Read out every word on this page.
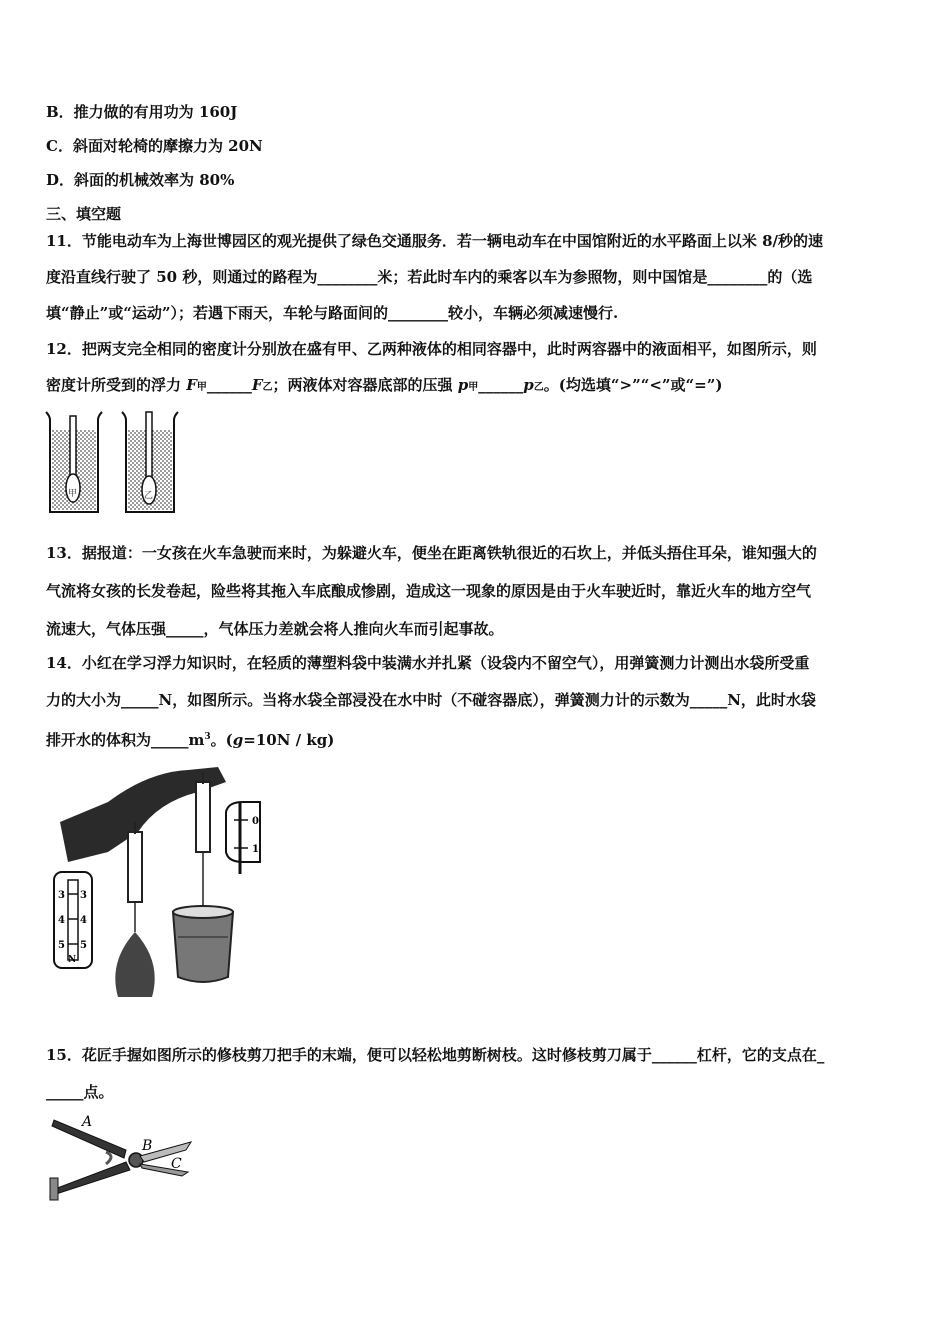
B．推力做的有用功为 160J
C．斜面对轮椅的摩擦力为 20N
D．斜面的机械效率为 80%
三、填空题
11．节能电动车为上海世博园区的观光提供了绿色交通服务．若一辆电动车在中国馆附近的水平路面上以米 8/秒的速
度沿直线行驶了 50 秒，则通过的路程为________米；若此时车内的乘客以车为参照物，则中国馆是________的（选
填“静止”或“运动”）；若遇下雨天，车轮与路面间的________较小，车辆必须减速慢行.
12．把两支完全相同的密度计分别放在盛有甲、乙两种液体的相同容器中，此时两容器中的液面相平，如图所示，则
密度计所受到的浮力 F甲______F乙；两液体对容器底部的压强 p甲______p乙。(均选填“>”“<”或“=”)
甲	乙
13．据报道：一女孩在火车急驶而来时，为躲避火车，便坐在距离铁轨很近的石坎上，并低头捂住耳朵，谁知强大的
气流将女孩的长发卷起，险些将其拖入车底酿成惨剧，造成这一现象的原因是由于火车驶近时，靠近火车的地方空气
流速大，气体压强_____，气体压力差就会将人推向火车而引起事故。
14．小红在学习浮力知识时，在轻质的薄塑料袋中装满水并扎紧（设袋内不留空气），用弹簧测力计测出水袋所受重
力的大小为_____N，如图所示。当将水袋全部浸没在水中时（不碰容器底），弹簧测力计的示数为_____N，此时水袋
排开水的体积为$\_\_\_\_\_m^3$。(g=10N / kg)
3
4
5
3
4
5
N
0
1
15．花匠手握如图所示的修枝剪刀把手的末端，便可以轻松地剪断树枝。这时修枝剪刀属于______杠杆，它的支点在_
_____点。
A
B
C
